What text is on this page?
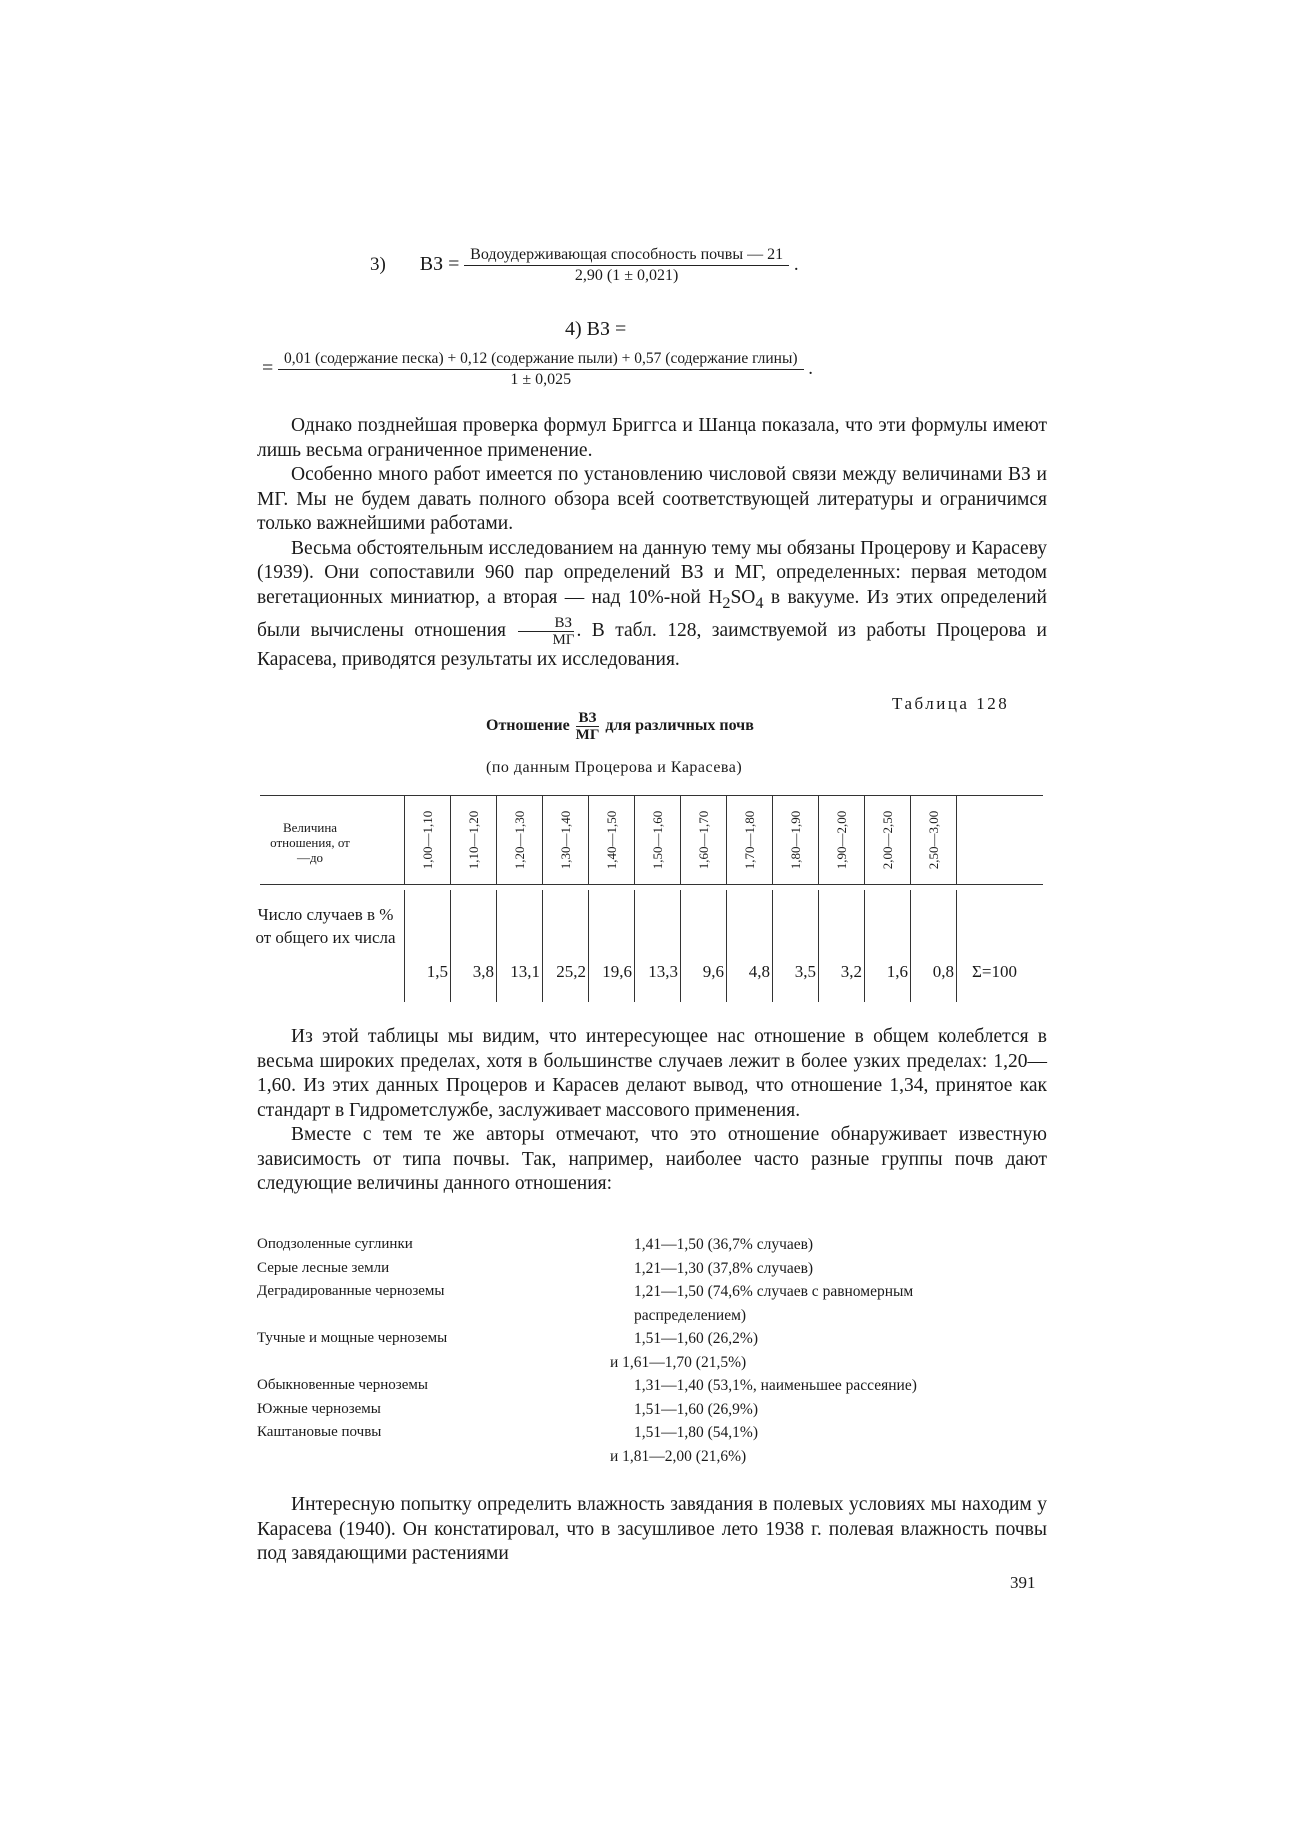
3) ВЗ = $\frac{\text{Водоудерживающая способность почвы — 21}}{2,90 (1 \pm 0,021)}$ .
4) ВЗ =
= 0,01 (содержание песка) + 0,12 (содержание пыли) + 0,57 (содержание глины)
1 ± 0,025
.

Однако позднейшая проверка формул Бриггса и Шанца показала, что эти формулы имеют лишь весьма ограниченное применение.

Особенно много работ имеется по установлению числовой связи между величинами ВЗ и МГ. Мы не будем давать полного обзора всей соответствующей литературы и ограничимся только важнейшими работами.

Весьма обстоятельным исследованием на данную тему мы обязаны Процерову и Карасеву (1939). Они сопоставили 960 пар определений ВЗ и МГ, определенных: первая методом вегетационных миниатюр, а вторая — над 10%-ной $H_2SO_4$ в вакууме. Из этих определений были вычислены отношения $\frac{ВЗ}{МГ}$ . В табл. 128, заимствуемой из работы Процерова и Карасева, приводятся результаты их исследования.

Таблица 128
Отношение $\frac{ВЗ}{МГ}$ для различных почв
(по данным Процерова и Карасева)
Величина отношения, от—до	1,00—1,10 1,10—1,20 1,20—1,30 1,30—1,40 1,40—1,50 1,50—1,60 1,60—1,70 1,70—1,80 1,80—1,90 1,90—2,00 2,00—2,50 2,50—3,00
Число случаев в % от общего их числа
1,5 3,8 13,1 25,2 19,6 13,3 9,6 4,8 3,5 3,2 1,6 0,8 Σ=100

Из этой таблицы мы видим, что интересующее нас отношение в общем колеблется в весьма широких пределах, хотя в большинстве случаев лежит в более узких пределах: 1,20—1,60. Из этих данных Процеров и Карасев делают вывод, что отношение 1,34, принятое как стандарт в Гидрометслужбе, заслуживает массового применения.

Вместе с тем те же авторы отмечают, что это отношение обнаруживает известную зависимость от типа почвы. Так, например, наиболее часто разные группы почв дают следующие величины данного отношения:

Оподзоленные суглинки	1,41—1,50 (36,7% случаев)
Серые лесные земли	1,21—1,30 (37,8% случаев)
Деградированные черноземы	1,21—1,50 (74,6% случаев с равномерным
распределением)
Тучные и мощные черноземы	1,51—1,60 (26,2%)
и 1,61—1,70 (21,5%)
Обыкновенные черноземы	1,31—1,40 (53,1%, наименьшее рассеяние)
Южные черноземы	1,51—1,60 (26,9%)
Каштановые почвы	1,51—1,80 (54,1%)
и 1,81—2,00 (21,6%)

Интересную попытку определить влажность завядания в полевых условиях мы находим у Карасева (1940). Он констатировал, что в засушливое лето 1938 г. полевая влажность почвы под завядающими растениями

391
